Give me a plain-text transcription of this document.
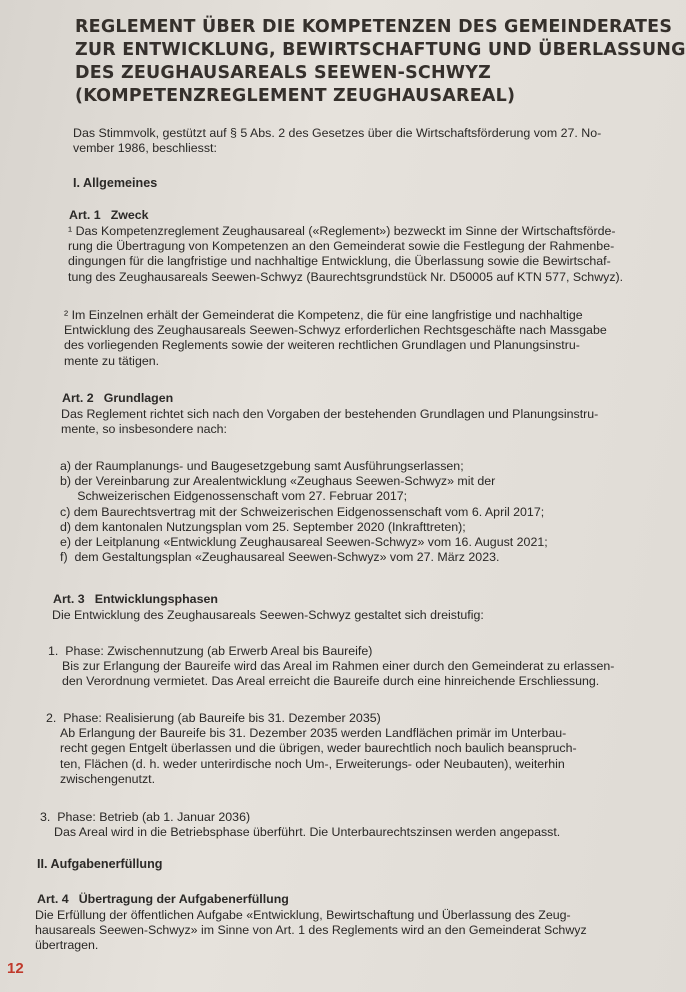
REGLEMENT ÜBER DIE KOMPETENZEN DES GEMEINDERATES
ZUR ENTWICKLUNG, BEWIRTSCHAFTUNG UND ÜBERLASSUNG
DES ZEUGHAUSAREALS SEEWEN-SCHWYZ
(KOMPETENZREGLEMENT ZEUGHAUSAREAL)
Das Stimmvolk, gestützt auf § 5 Abs. 2 des Gesetzes über die Wirtschaftsförderung vom 27. No-
vember 1986, beschliesst:
I. Allgemeines
Art. 1 Zweck
¹ Das Kompetenzreglement Zeughausareal («Reglement») bezweckt im Sinne der Wirtschaftsförde-
rung die Übertragung von Kompetenzen an den Gemeinderat sowie die Festlegung der Rahmenbe-
dingungen für die langfristige und nachhaltige Entwicklung, die Überlassung sowie die Bewirtschaf-
tung des Zeughausareals Seewen-Schwyz (Baurechtsgrundstück Nr. D50005 auf KTN 577, Schwyz).
² Im Einzelnen erhält der Gemeinderat die Kompetenz, die für eine langfristige und nachhaltige
Entwicklung des Zeughausareals Seewen-Schwyz erforderlichen Rechtsgeschäfte nach Massgabe
des vorliegenden Reglements sowie der weiteren rechtlichen Grundlagen und Planungsinstru-
mente zu tätigen.
Art. 2 Grundlagen
Das Reglement richtet sich nach den Vorgaben der bestehenden Grundlagen und Planungsinstru-
mente, so insbesondere nach:
a) der Raumplanungs- und Baugesetzgebung samt Ausführungserlassen;
b) der Vereinbarung zur Arealentwicklung «Zeughaus Seewen-Schwyz» mit der
Schweizerischen Eidgenossenschaft vom 27. Februar 2017;
c) dem Baurechtsvertrag mit der Schweizerischen Eidgenossenschaft vom 6. April 2017;
d) dem kantonalen Nutzungsplan vom 25. September 2020 (Inkrafttreten);
e) der Leitplanung «Entwicklung Zeughausareal Seewen-Schwyz» vom 16. August 2021;
f)  dem Gestaltungsplan «Zeughausareal Seewen-Schwyz» vom 27. März 2023.
Art. 3 Entwicklungsphasen
Die Entwicklung des Zeughausareals Seewen-Schwyz gestaltet sich dreistufig:
1.  Phase: Zwischennutzung (ab Erwerb Areal bis Baureife)
Bis zur Erlangung der Baureife wird das Areal im Rahmen einer durch den Gemeinderat zu erlassen-
den Verordnung vermietet. Das Areal erreicht die Baureife durch eine hinreichende Erschliessung.
2.  Phase: Realisierung (ab Baureife bis 31. Dezember 2035)
Ab Erlangung der Baureife bis 31. Dezember 2035 werden Landflächen primär im Unterbau-
recht gegen Entgelt überlassen und die übrigen, weder baurechtlich noch baulich beanspruch-
ten, Flächen (d. h. weder unterirdische noch Um-, Erweiterungs- oder Neubauten), weiterhin
zwischengenutzt.
3.  Phase: Betrieb (ab 1. Januar 2036)
Das Areal wird in die Betriebsphase überführt. Die Unterbaurechtszinsen werden angepasst.
II. Aufgabenerfüllung
Art. 4 Übertragung der Aufgabenerfüllung
Die Erfüllung der öffentlichen Aufgabe «Entwicklung, Bewirtschaftung und Überlassung des Zeug-
hausareals Seewen-Schwyz» im Sinne von Art. 1 des Reglements wird an den Gemeinderat Schwyz
übertragen.
12
